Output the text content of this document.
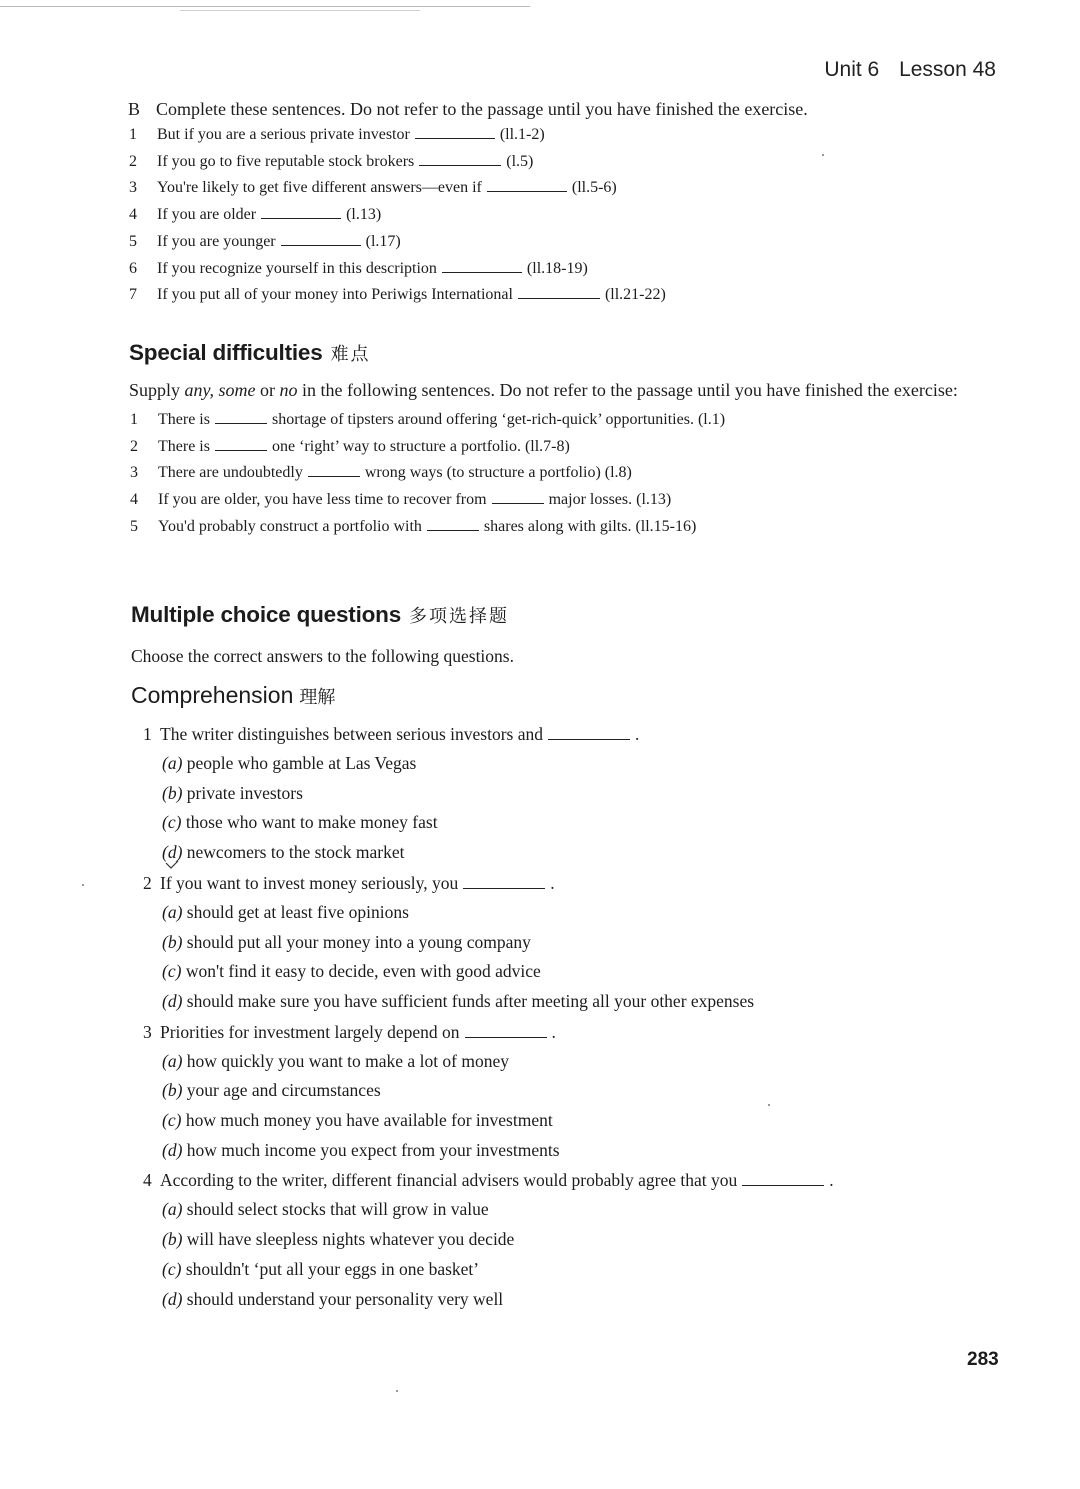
Unit 6 Lesson 48
B Complete these sentences. Do not refer to the passage until you have finished the exercise.
1 But if you are a serious private investor	(ll.1-2)
2 If you go to five reputable stock brokers	(l.5)
3 You're likely to get five different answers—even if	(ll.5-6)
4 If you are older	(l.13)
5 If you are younger	(l.17)
6 If you recognize yourself in this description	(ll.18-19)
7 If you put all of your money into Periwigs International	(ll.21-22)
Special difficulties 难点
Supply any, some or no in the following sentences. Do not refer to the passage until you have finished the exercise:
1 There is	shortage of tipsters around offering ‘get-rich-quick’ opportunities. (l.1)
2 There is	one ‘right’ way to structure a portfolio. (ll.7-8)
3 There are undoubtedly	wrong ways (to structure a portfolio) (l.8)
4 If you are older, you have less time to recover from	major losses. (l.13)
5 You'd probably construct a portfolio with	shares along with gilts. (ll.15-16)
Multiple choice questions 多项选择题
Choose the correct answers to the following questions.
Comprehension 理解
1 The writer distinguishes between serious investors and	.
(a) people who gamble at Las Vegas
(b) private investors
(c) those who want to make money fast
(d) newcomers to the stock market
2 If you want to invest money seriously, you	.
(a) should get at least five opinions
(b) should put all your money into a young company
(c) won't find it easy to decide, even with good advice
(d) should make sure you have sufficient funds after meeting all your other expenses
3 Priorities for investment largely depend on	.
(a) how quickly you want to make a lot of money
(b) your age and circumstances
(c) how much money you have available for investment
(d) how much income you expect from your investments
4 According to the writer, different financial advisers would probably agree that you	.
(a) should select stocks that will grow in value
(b) will have sleepless nights whatever you decide
(c) shouldn't ‘put all your eggs in one basket’
(d) should understand your personality very well
283
